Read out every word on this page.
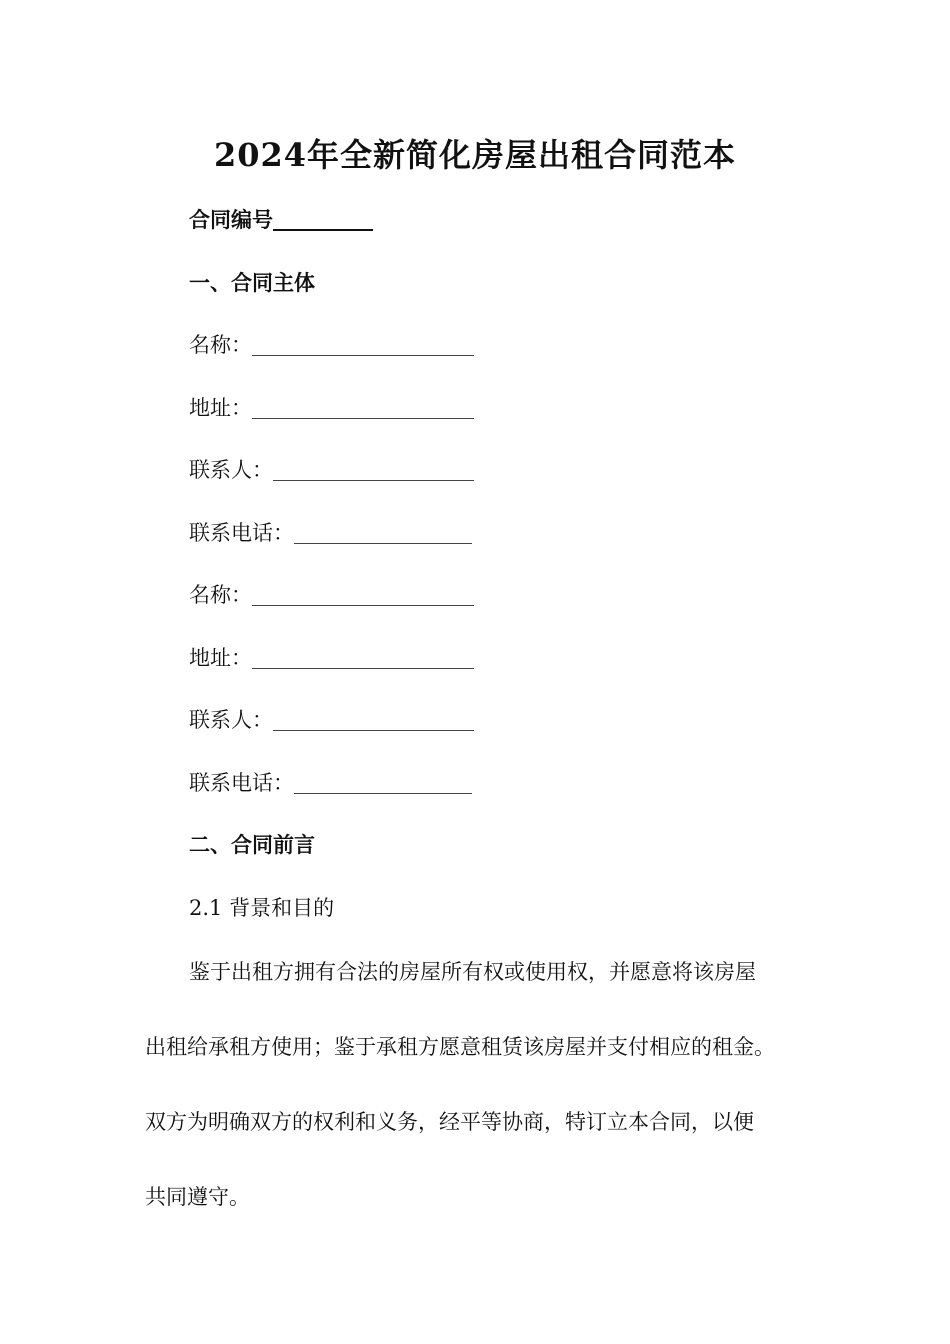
2024年全新简化房屋出租合同范本
合同编号
一、合同主体
名称：
地址：
联系人：
联系电话：
名称：
地址：
联系人：
联系电话：
二、合同前言
2.1 背景和目的
鉴于出租方拥有合法的房屋所有权或使用权，并愿意将该房屋
出租给承租方使用；鉴于承租方愿意租赁该房屋并支付相应的租金。
双方为明确双方的权利和义务，经平等协商，特订立本合同，以便
共同遵守。
